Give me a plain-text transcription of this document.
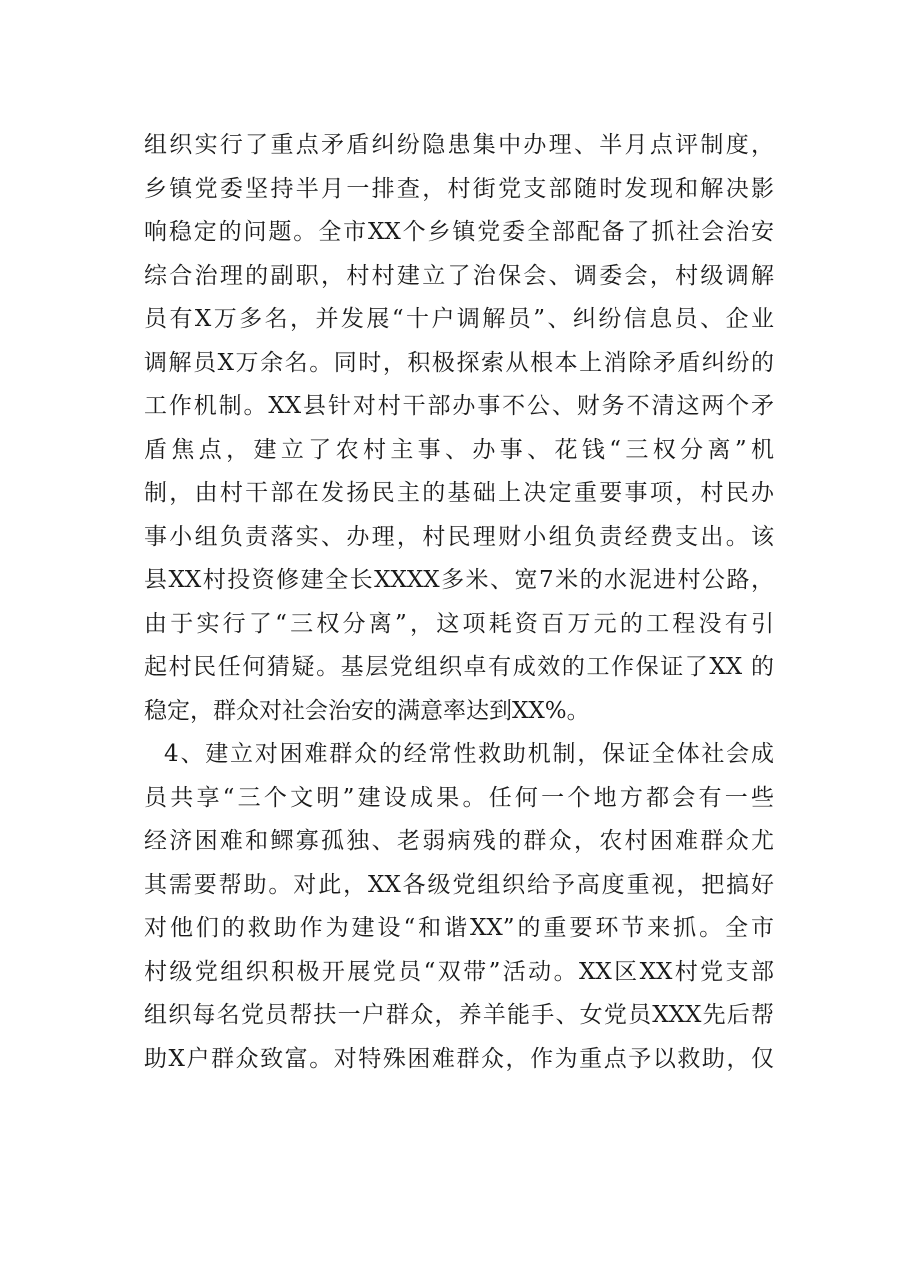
组织实行了重点矛盾纠纷隐患集中办理、半月点评制度，
乡镇党委坚持半月一排查，村街党支部随时发现和解决影
响稳定的问题。全市XX个乡镇党委全部配备了抓社会治安
综合治理的副职，村村建立了治保会、调委会，村级调解
员有X万多名，并发展“十户调解员”、纠纷信息员、企业
调解员X万余名。同时，积极探索从根本上消除矛盾纠纷的
工作机制。XX县针对村干部办事不公、财务不清这两个矛
盾焦点，建立了农村主事、办事、花钱“三权分离”机
制，由村干部在发扬民主的基础上决定重要事项，村民办
事小组负责落实、办理，村民理财小组负责经费支出。该
县XX村投资修建全长XXXX多米、宽7米的水泥进村公路，
由于实行了“三权分离”，这项耗资百万元的工程没有引
起村民任何猜疑。基层党组织卓有成效的工作保证了XX 的
稳定，群众对社会治安的满意率达到XX%。
4、建立对困难群众的经常性救助机制，保证全体社会成
员共享“三个文明”建设成果。任何一个地方都会有一些
经济困难和鳏寡孤独、老弱病残的群众，农村困难群众尤
其需要帮助。对此，XX各级党组织给予高度重视，把搞好
对他们的救助作为建设“和谐XX”的重要环节来抓。全市
村级党组织积极开展党员“双带”活动。XX区XX村党支部
组织每名党员帮扶一户群众，养羊能手、女党员XXX先后帮
助X户群众致富。对特殊困难群众，作为重点予以救助，仅
